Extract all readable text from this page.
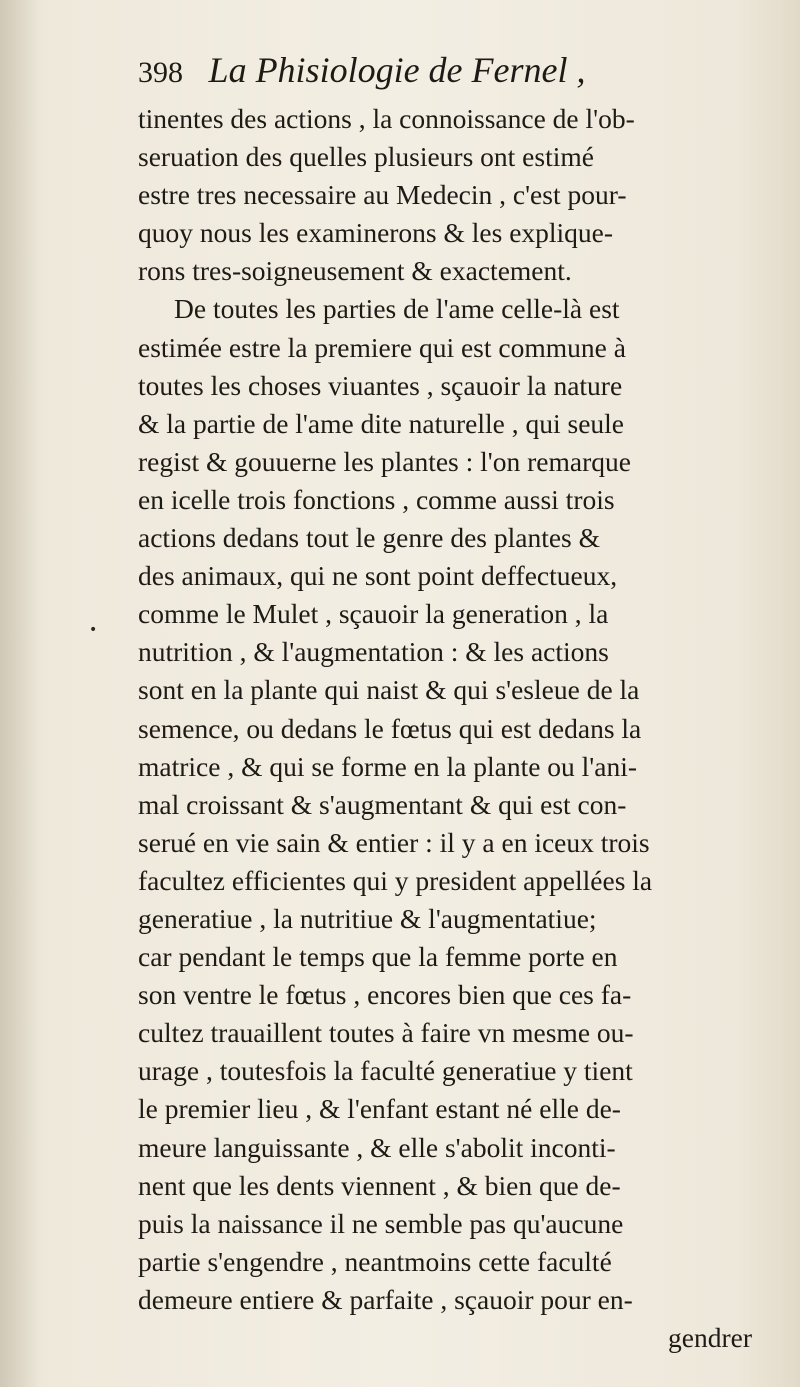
398 La Phisiologie de Fernel ,
•
tinentes des actions , la connoissance de l'ob-
seruation des quelles plusieurs ont estimé
estre tres necessaire au Medecin , c'est pour-
quoy nous les examinerons & les explique-
rons tres-soigneusement & exactement.
De toutes les parties de l'ame celle-là est
estimée estre la premiere qui est commune à
toutes les choses viuantes , sçauoir la nature
& la partie de l'ame dite naturelle , qui seule
regist & gouuerne les plantes : l'on remarque
en icelle trois fonctions , comme aussi trois
actions dedans tout le genre des plantes &
des animaux, qui ne sont point deffectueux,
comme le Mulet , sçauoir la generation , la
nutrition , & l'augmentation : & les actions
sont en la plante qui naist & qui s'esleue de la
semence, ou dedans le fœtus qui est dedans la
matrice , & qui se forme en la plante ou l'ani-
mal croissant & s'augmentant & qui est con-
serué en vie sain & entier : il y a en iceux trois
facultez efficientes qui y president appellées la
generatiue , la nutritiue & l'augmentatiue;
car pendant le temps que la femme porte en
son ventre le fœtus , encores bien que ces fa-
cultez trauaillent toutes à faire vn mesme ou-
urage , toutesfois la faculté generatiue y tient
le premier lieu , & l'enfant estant né elle de-
meure languissante , & elle s'abolit inconti-
nent que les dents viennent , & bien que de-
puis la naissance il ne semble pas qu'aucune
partie s'engendre , neantmoins cette faculté
demeure entiere & parfaite , sçauoir pour en-
gendrer
